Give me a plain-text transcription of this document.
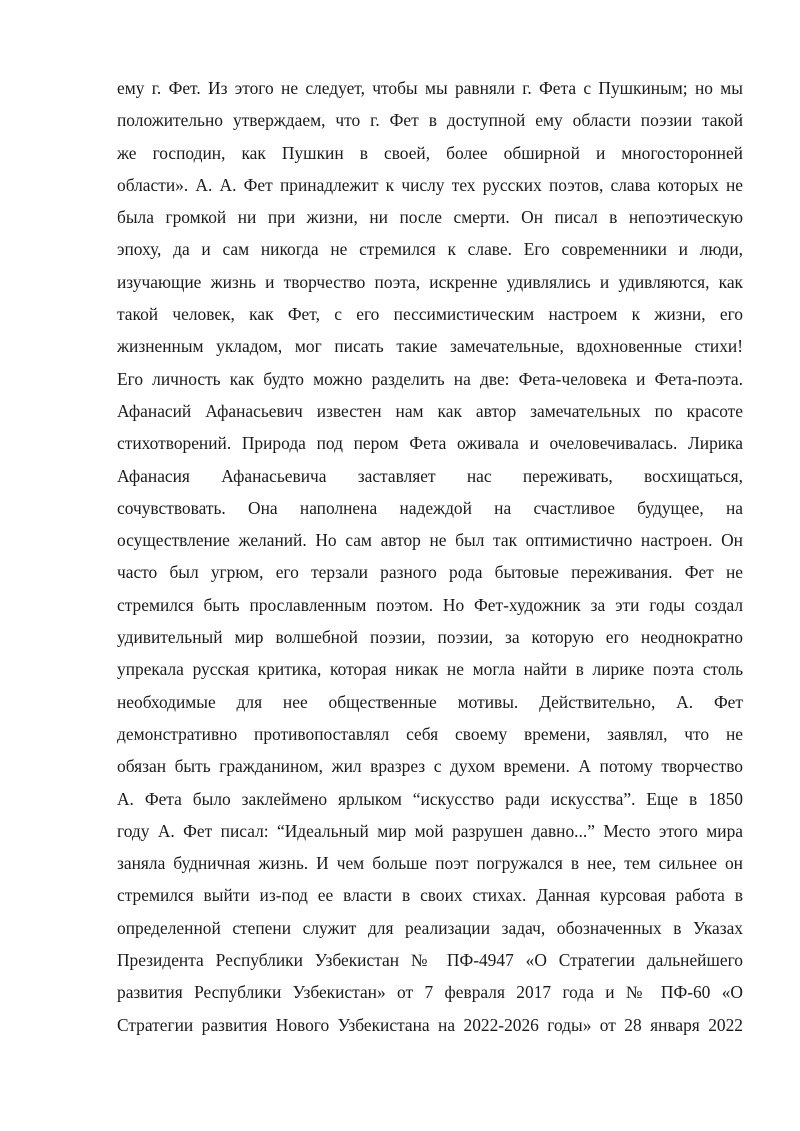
ему г. Фет. Из этого не следует, чтобы мы равняли г. Фета с Пушкиным; но мы
положительно утверждаем, что г. Фет в доступной ему области поэзии такой
же господин, как Пушкин в своей, более обширной и многосторонней
области». А. А. Фет принадлежит к числу тех русских поэтов, слава которых не
была громкой ни при жизни, ни после смерти. Он писал в непоэтическую
эпоху, да и сам никогда не стремился к славе. Его современники и люди,
изучающие жизнь и творчество поэта, искренне удивлялись и удивляются, как
такой человек, как Фет, с его пессимистическим настроем к жизни, его
жизненным укладом, мог писать такие замечательные, вдохновенные стихи!
Его личность как будто можно разделить на две: Фета-человека и Фета-поэта.
Афанасий Афанасьевич известен нам как автор замечательных по красоте
стихотворений. Природа под пером Фета оживала и очеловечивалась. Лирика
Афанасия Афанасьевича заставляет нас переживать, восхищаться,
сочувствовать. Она наполнена надеждой на счастливое будущее, на
осуществление желаний. Но сам автор не был так оптимистично настроен. Он
часто был угрюм, его терзали разного рода бытовые переживания. Фет не
стремился быть прославленным поэтом. Но Фет-художник за эти годы создал
удивительный мир волшебной поэзии, поэзии, за которую его неоднократно
упрекала русская критика, которая никак не могла найти в лирике поэта столь
необходимые для нее общественные мотивы. Действительно, А. Фет
демонстративно противопоставлял себя своему времени, заявлял, что не
обязан быть гражданином, жил вразрез с духом времени. А потому творчество
А. Фета было заклеймено ярлыком “искусство ради искусства”. Еще в 1850
году А. Фет писал: “Идеальный мир мой разрушен давно...” Место этого мира
заняла будничная жизнь. И чем больше поэт погружался в нее, тем сильнее он
стремился выйти из-под ее власти в своих стихах. Данная курсовая работа в
определенной степени служит для реализации задач, обозначенных в Указах
Президента Республики Узбекистан № ПФ-4947 «О Стратегии дальнейшего
развития Республики Узбекистан» от 7 февраля 2017 года и № ПФ-60 «О
Стратегии развития Нового Узбекистана на 2022-2026 годы» от 28 января 2022
